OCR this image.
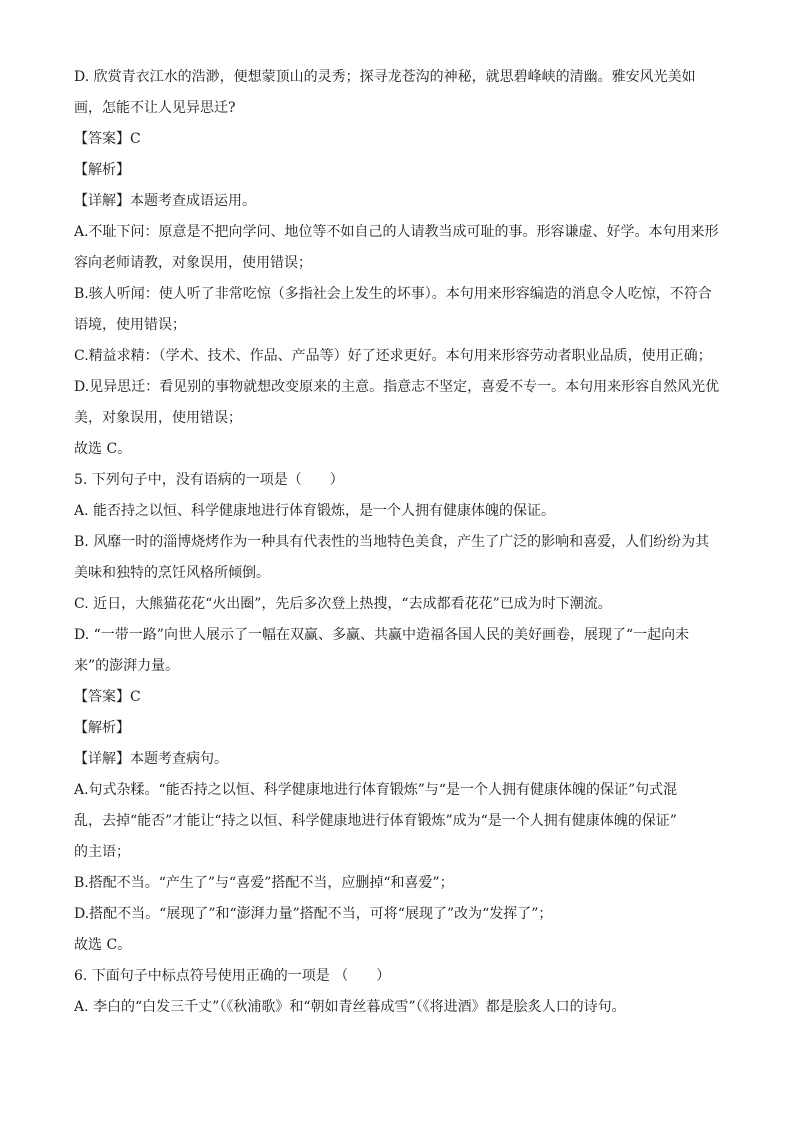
D. 欣赏青衣江水的浩渺，便想蒙顶山的灵秀；探寻龙苍沟的神秘，就思碧峰峡的清幽。雅安风光美如

画，怎能不让人见异思迁?

【答案】C

【解析】

【详解】本题考查成语运用。

A.不耻下问：原意是不把向学问、地位等不如自己的人请教当成可耻的事。形容谦虚、好学。本句用来形

容向老师请教，对象误用，使用错误；

B.骇人听闻：使人听了非常吃惊（多指社会上发生的坏事）。本句用来形容编造的消息令人吃惊，不符合

语境，使用错误；

C.精益求精：（学术、技术、作品、产品等）好了还求更好。本句用来形容劳动者职业品质，使用正确；

D.见异思迁：看见别的事物就想改变原来的主意。指意志不坚定，喜爱不专一。本句用来形容自然风光优

美，对象误用，使用错误；

故选 C。

5. 下列句子中，没有语病的一项是（　　）

A. 能否持之以恒、科学健康地进行体育锻炼，是一个人拥有健康体魄的保证。

B. 风靡一时的淄博烧烤作为一种具有代表性的当地特色美食，产生了广泛的影响和喜爱，人们纷纷为其

美味和独特的烹饪风格所倾倒。

C. 近日，大熊猫花花“火出圈”，先后多次登上热搜，“去成都看花花”已成为时下潮流。

D. “一带一路”向世人展示了一幅在双赢、多赢、共赢中造福各国人民的美好画卷，展现了“一起向未

来”的澎湃力量。

【答案】C

【解析】

【详解】本题考查病句。

A.句式杂糅。“能否持之以恒、科学健康地进行体育锻炼”与“是一个人拥有健康体魄的保证”句式混

乱，去掉“能否”才能让“持之以恒、科学健康地进行体育锻炼”成为“是一个人拥有健康体魄的保证”

的主语；

B.搭配不当。“产生了”与“喜爱”搭配不当，应删掉“和喜爱”；

D.搭配不当。“展现了”和“澎湃力量”搭配不当，可将“展现了”改为“发挥了”；

故选 C。

6. 下面句子中标点符号使用正确的一项是 （　　）

A. 李白的“白发三千丈”（《秋浦歌》和“朝如青丝暮成雪”（《将进酒》都是脍炙人口的诗句。
